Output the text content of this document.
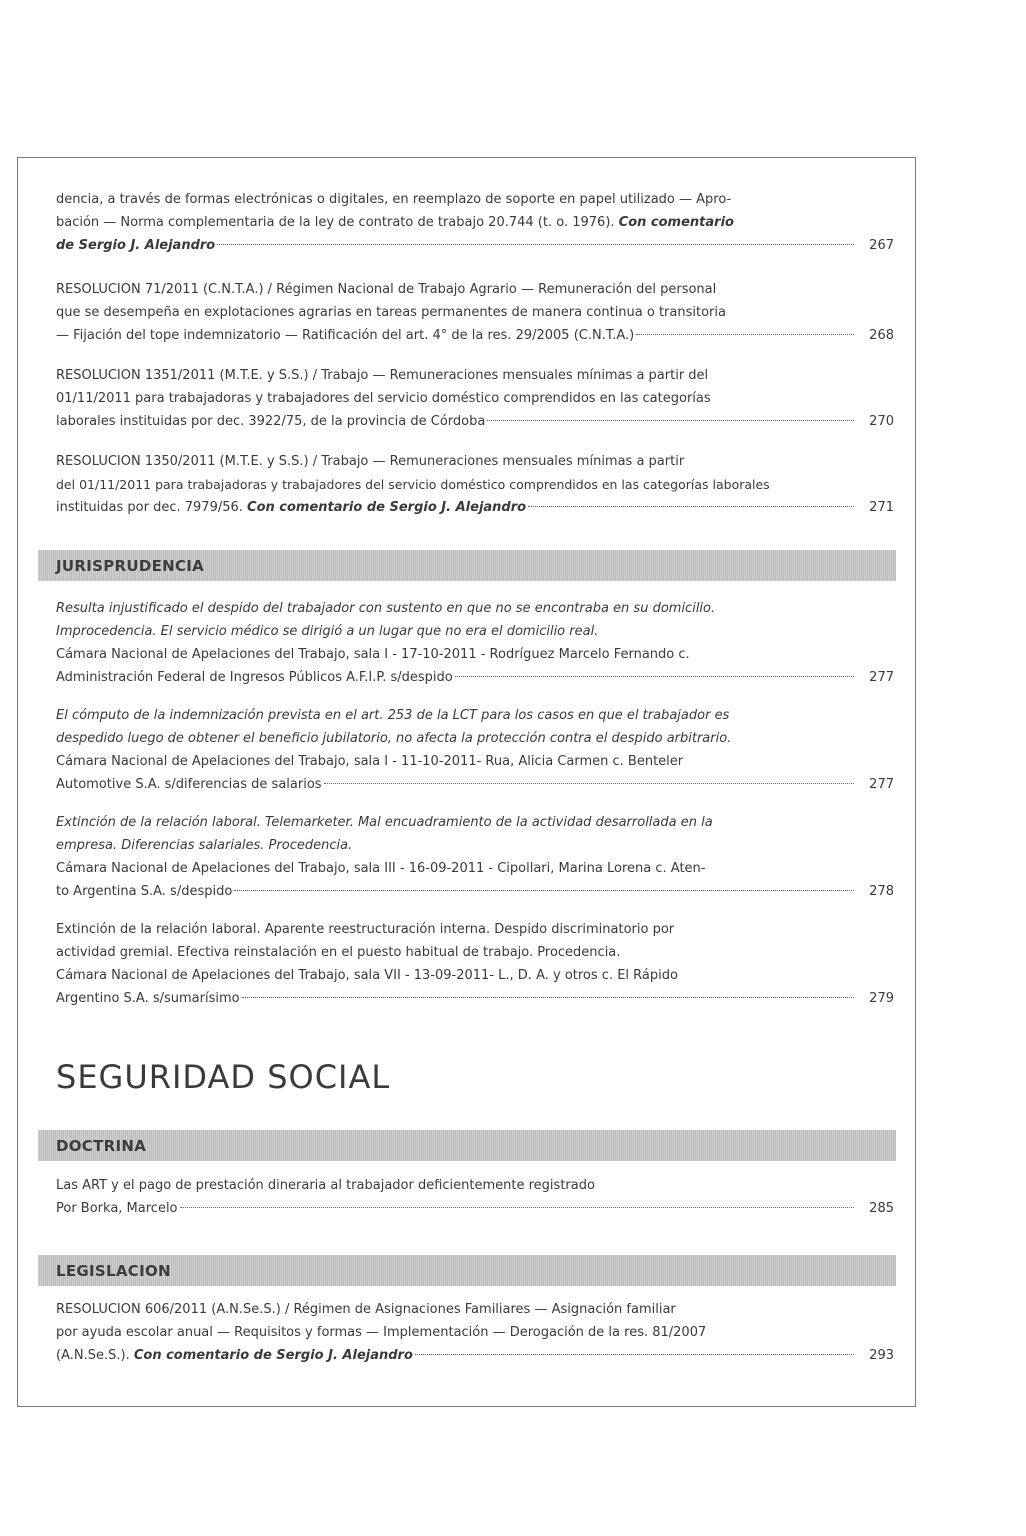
dencia, a través de formas electrónicas o digitales, en reemplazo de soporte en papel utilizado — Apro-
bación — Norma complementaria de la ley de contrato de trabajo 20.744 (t. o. 1976).
Con comentario
de Sergio J. Alejandro	267
RESOLUCION 71/2011 (C.N.T.A.) / Régimen Nacional de Trabajo Agrario — Remuneración del personal
que se desempeña en explotaciones agrarias en tareas permanentes de manera continua o transitoria
— Fijación del tope indemnizatorio — Ratificación del art. 4° de la res. 29/2005 (C.N.T.A.)	268
RESOLUCION 1351/2011 (M.T.E. y S.S.) / Trabajo — Remuneraciones mensuales mínimas a partir del
01/11/2011 para trabajadoras y trabajadores del servicio doméstico comprendidos en las categorías
laborales instituidas por dec. 3922/75, de la provincia de Córdoba	270
RESOLUCION 1350/2011 (M.T.E. y S.S.) / Trabajo — Remuneraciones mensuales mínimas a partir
del 01/11/2011 para trabajadoras y trabajadores del servicio doméstico comprendidos en las categorías laborales
instituidas por dec. 7979/56.
Con comentario de Sergio J. Alejandro	271
JURISPRUDENCIA
Resulta injustificado el despido del trabajador con sustento en que no se encontraba en su domicilio.
Improcedencia. El servicio médico se dirigió a un lugar que no era el domicilio real.
Cámara Nacional de Apelaciones del Trabajo, sala I - 17-10-2011 - Rodríguez Marcelo Fernando c.
Administración Federal de Ingresos Públicos A.F.I.P. s/despido	277
El cómputo de la indemnización prevista en el art. 253 de la LCT para los casos en que el trabajador es
despedido luego de obtener el beneficio jubilatorio, no afecta la protección contra el despido arbitrario.
Cámara Nacional de Apelaciones del Trabajo, sala I - 11-10-2011- Rua, Alicia Carmen c. Benteler
Automotive S.A. s/diferencias de salarios	277
Extinción de la relación laboral. Telemarketer. Mal encuadramiento de la actividad desarrollada en la
empresa. Diferencias salariales. Procedencia.
Cámara Nacional de Apelaciones del Trabajo, sala III - 16-09-2011 - Cipollari, Marina Lorena c. Aten-
to Argentina S.A. s/despido	278
Extinción de la relación laboral. Aparente reestructuración interna. Despido discriminatorio por
actividad gremial. Efectiva reinstalación en el puesto habitual de trabajo. Procedencia.
Cámara Nacional de Apelaciones del Trabajo, sala VII - 13-09-2011- L., D. A. y otros c. El Rápido
Argentino S.A. s/sumarísimo	279
SEGURIDAD SOCIAL
DOCTRINA
Las ART y el pago de prestación dineraria al trabajador deficientemente registrado
Por Borka, Marcelo	285
LEGISLACION
RESOLUCION 606/2011 (A.N.Se.S.) / Régimen de Asignaciones Familiares — Asignación familiar
por ayuda escolar anual — Requisitos y formas — Implementación — Derogación de la res. 81/2007
(A.N.Se.S.).
Con comentario de Sergio J. Alejandro	293
